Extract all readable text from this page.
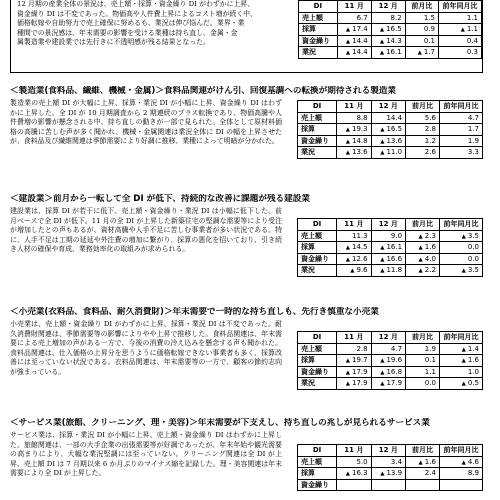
12 月期の産業全体の景況は、売上額・採算・資金繰り DI がわずかに上昇、

資金繰り DI は不変であった。物価高や人件費上昇によるコスト増が続く中、

価格転嫁や自助努力で売上確保に努めるも、業況は伸び悩んだ。業界・業

種間での景況感は、年末需要の影響を受ける業種は持ち直し、金属・金

属製造業や建設業では先行きに不透明感が残る結果となった。

DI	11 月	12 月	前月比	前年同月比
売上額	6.7	8.2	1.5	1.1
採算	▲ 17.4	▲ 16.5	0.9	▲ 1.1
資金繰り	▲ 14.4	▲ 14.3	0.1	0.4
業況	▲ 14.4	▲ 16.1	▲ 1.7	0.3
＜製造業(食料品、繊維、機械・金属)＞食料品関連がけん引、回復基調への転換が期待される製造業
製造業の売上額 DI が大幅に上昇、採算・業況 DI が小幅に上昇、資金繰り DI はわずかに上昇した。全 DI が 10 月期調査から 2 期連続のプラス転換であり、物価高騰や人件費増の影響が懸念される中、持ち直しの動きが一部で見られた。全体として原材料価格の高騰に苦しむ声が多く聞かれ、機械・金属関連は業況全体に DI の幅を上昇させたが、食料品及び繊維関連は季節需要により好調に推移、業種によって明暗が分かれた。
DI	11 月	12 月	前月比	前年同月比
売上額	8.8	14.4	5.6	4.7
採算	▲ 19.3	▲ 16.5	2.8	1.7
資金繰り	▲ 14.8	▲ 13.6	1.2	1.9
業況	▲ 13.6	▲ 11.0	2.6	3.3
＜建設業＞前月から一転して全 DI が低下、持続的な改善に課題が残る建設業
建設業は、採算 DI が若干に低下、売上額・資金繰り・業況 DI は小幅に低下した。前月ベースで全 DI が低下。11 月の全 DI が上昇した新築住宅の堅調な需要等により受注が増加したとの声もあるが、資材高騰や人手不足に苦しむ事業者が多い状況である。特に、人手不足は工期の延延や外注費の増加に繋がり、採算の悪化を招いており、引き続き人材の確保や育成、業務効率化の取組みが求められる。
DI	11 月	12 月	前月比	前年同月比
売上額	11.3	9.0	▲ 2.3	▲ 3.5
採算	▲ 14.5	▲ 16.1	▲ 1.6	0.0
資金繰り	▲ 12.6	▲ 16.6	▲ 4.0	0.0
業況	▲ 9.6	▲ 11.8	▲ 2.2	▲ 3.5
＜小売業(衣料品、食料品、耐久消費財)＞年末需要で一時的な持ち直しも、先行き慎重な小売業
小売業は、売上額・資金繰り DI がわずかに上昇、採算・業況 DI は不変であった。耐久消費財関連は、季節需要等の影響によりやや上昇で推移した。食料品関連は、年末需要による売上増加の声がある一方で、今後の消費の冷え込みを懸念する声も聞かれた。食料品関連は、仕入価格の上昇分を思うように価格転嫁できない事業者も多く、採算改善には至っていない状況である。衣料品関連は、年末需要等の一方で、顧客の節約志向が強まっている。
DI	11 月	12 月	前月比	前年同月比
売上額	2.8	4.7	1.9	▲ 1.4
採算	▲ 19.7	▲ 19.6	0.1	▲ 1.6
資金繰り	▲ 17.9	▲ 16.8	1.1	1.0
業況	▲ 17.9	▲ 17.9	0.0	▲ 0.5
＜サービス業(旅館、クリーニング、理・美容)＞年末需要が下支えし、持ち直しの兆しが見られるサービス業
サービス業は、採算・業況 DI が小幅に上昇、売上額・資金繰り DI はわずかに上昇した。旅館関連は、一部の大手企業の出張需要等が好調であったが、年末年始や観光需要の高まりにより、大幅な業況堅調には至っていない。クリーニング関連は全 DI が上昇、売上額 DI は 7 月期以来 6 か月ぶりのマイナス縮を記録した。理・美容関連は年末需要により全 DI が上昇した。
DI	11 月	12 月	前月比	前年同月比
売上額	5.0	3.4	▲ 1.6	▲ 4.6
採算	▲ 16.3	▲ 13.9	2.4	8.9
資金繰り				
